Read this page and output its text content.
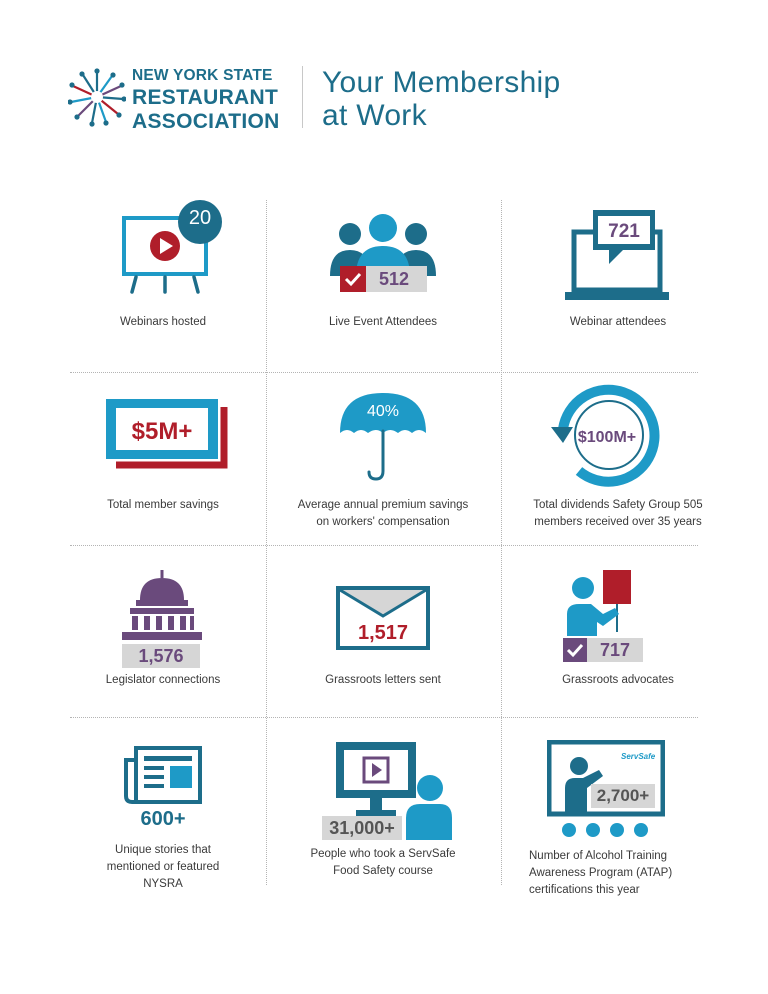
NEW YORK STATE
RESTAURANT
ASSOCIATION
Your Membership
at Work
20
Webinars hosted
512
Live Event Attendees
721
Webinar attendees
$5M+
Total member savings
40%
Average annual premium savings
on workers' compensation
$100M+
Total dividends Safety Group 505
members received over 35 years
1,576
Legislator connections
1,517
Grassroots letters sent
717
Grassroots advocates
600+
Unique stories that
mentioned or featured
NYSRA
31,000+
People who took a ServSafe
Food Safety course
ServSafe
2,700+
Number of Alcohol Training
Awareness Program (ATAP)
certifications this year
